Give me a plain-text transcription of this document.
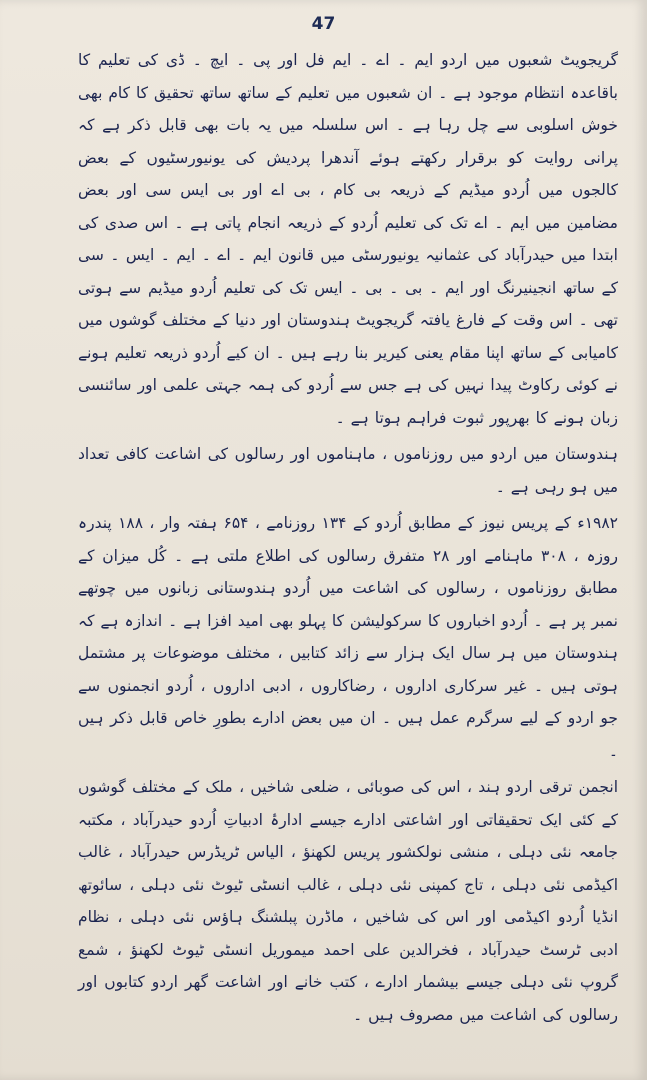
47

گریجویٹ شعبوں میں اردو ایم ۔ اے ۔ ایم فل اور پی ۔ ایچ ۔ ڈی کی تعلیم کا باقاعدہ انتظام موجود ہے ۔ ان شعبوں میں تعلیم کے ساتھ ساتھ تحقیق کا کام بھی خوش اسلوبی سے چل رہا ہے ۔ اس سلسلہ میں یہ بات بھی قابل ذکر ہے کہ پرانی روایت کو برقرار رکھتے ہوئے آندھرا پردیش کی یونیورسٹیوں کے بعض کالجوں میں اُردو میڈیم کے ذریعہ بی کام ، بی اے اور بی ایس سی اور بعض مضامین میں ایم ۔ اے تک کی تعلیم اُردو کے ذریعہ انجام پاتی ہے ۔ اس صدی کی ابتدا میں حیدرآباد کی عثمانیہ یونیورسٹی میں قانون ایم ۔ اے ۔ ایم ۔ ایس ۔ سی کے ساتھ انجینیرنگ اور ایم ۔ بی ۔ بی ۔ ایس تک کی تعلیم اُردو میڈیم سے ہوتی تھی ۔ اس وقت کے فارغ یافتہ گریجویٹ ہندوستان اور دنیا کے مختلف گوشوں میں کامیابی کے ساتھ اپنا مقام یعنی کیریر بنا رہے ہیں ۔ ان کیے اُردو ذریعہ تعلیم ہونے نے کوئی رکاوٹ پیدا نہیں کی ہے جس سے اُردو کی ہمہ جہتی علمی اور سائنسی زبان ہونے کا بھرپور ثبوت فراہم ہوتا ہے ۔

ہندوستان میں اردو میں روزناموں ، ماہناموں اور رسالوں کی اشاعت کافی تعداد میں ہو رہی ہے ۔

۱۹۸۲ء کے پریس نیوز کے مطابق اُردو کے ۱۳۴ روزنامے ، ۶۵۴ ہفتہ وار ، ۱۸۸ پندرہ روزہ ، ۳۰۸ ماہنامے اور ۲۸ متفرق رسالوں کی اطلاع ملتی ہے ۔ کُل میزان کے مطابق روزناموں ، رسالوں کی اشاعت میں اُردو ہندوستانی زبانوں میں چوتھے نمبر پر ہے ۔ اُردو اخباروں کا سرکولیشن کا پہلو بھی امید افزا ہے ۔ اندازہ ہے کہ ہندوستان میں ہر سال ایک ہزار سے زائد کتابیں ، مختلف موضوعات پر مشتمل ہوتی ہیں ۔ غیر سرکاری اداروں ، رضاکاروں ، ادبی اداروں ، اُردو انجمنوں سے جو اردو کے لیے سرگرم عمل ہیں ۔ ان میں بعض ادارے بطورِ خاص قابل ذکر ہیں ۔

انجمن ترقی اردو ہند ، اس کی صوبائی ، ضلعی شاخیں ، ملک کے مختلف گوشوں کے کئی ایک تحقیقاتی اور اشاعتی ادارے جیسے ادارۂ ادبیاتِ اُردو حیدرآباد ، مکتبہ جامعہ نئی دہلی ، منشی نولکشور پریس لکھنؤ ، الیاس ٹریڈرس حیدرآباد ، غالب اکیڈمی نئی دہلی ، تاج کمپنی نئی دہلی ، غالب انسٹی ٹیوٹ نئی دہلی ، سائوتھ انڈیا اُردو اکیڈمی اور اس کی شاخیں ، ماڈرن پبلشنگ ہاؤس نئی دہلی ، نظام ادبی ٹرسٹ حیدرآباد ، فخرالدین علی احمد میموریل انسٹی ٹیوٹ لکھنؤ ، شمع گروپ نئی دہلی جیسے بیشمار ادارے ، کتب خانے اور اشاعت گھر اردو کتابوں اور رسالوں کی اشاعت میں مصروف ہیں ۔
